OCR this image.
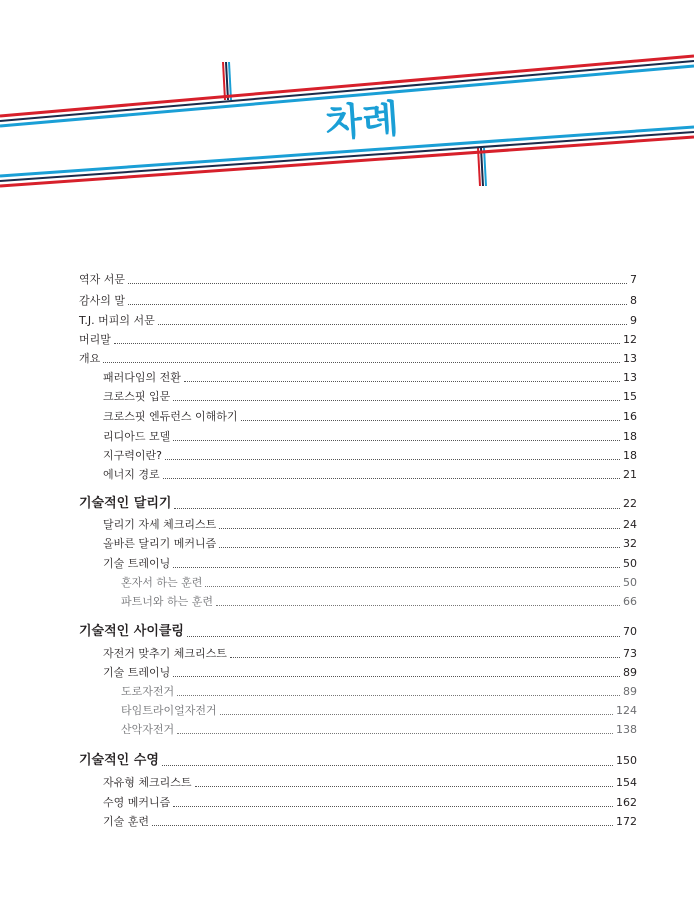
차례
역자 서문	7
감사의 말	8
T.J. 머피의 서문	9
머리말	12
개요	13
패러다임의 전환	13
크로스핏 입문	15
크로스핏 엔듀런스 이해하기	16
리디아드 모델	18
지구력이란?	18
에너지 경로	21
기술적인 달리기	22
달리기 자세 체크리스트	24
올바른 달리기 메커니즘	32
기술 트레이닝	50
혼자서 하는 훈련	50
파트너와 하는 훈련	66
기술적인 사이클링	70
자전거 맞추기 체크리스트	73
기술 트레이닝	89
도로자전거	89
타임트라이얼자전거	124
산악자전거	138
기술적인 수영	150
자유형 체크리스트	154
수영 메커니즘	162
기술 훈련	172
